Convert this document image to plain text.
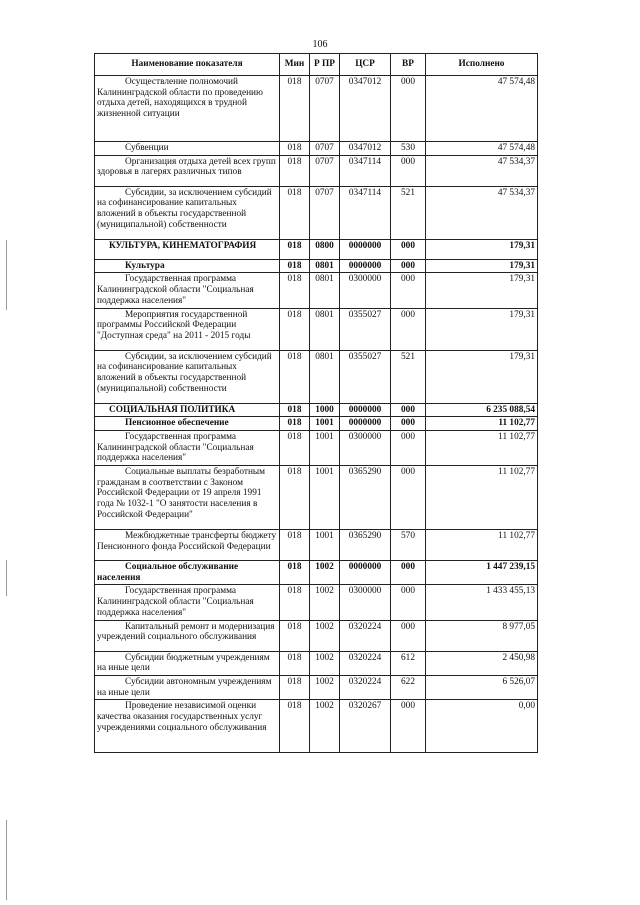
106
Наименование показателя	Мин	Р ПР	ЦСР	ВР	Исполнено
Осуществление полномочий Калининградской области по проведению отдыха детей, находящихся в трудной жизненной ситуации	018	0707	0347012	000	47 574,48
Субвенции	018	0707	0347012	530	47 574,48
Организация отдыха детей всех групп здоровья в лагерях различных типов	018	0707	0347114	000	47 534,37
Субсидии, за исключением субсидий на софинансирование капитальных вложений в объекты государственной (муниципальной) собственности	018	0707	0347114	521	47 534,37
КУЛЬТУРА, КИНЕМАТОГРАФИЯ	018	0800	0000000	000	179,31
Культура	018	0801	0000000	000	179,31
Государственная программа Калининградской области "Социальная поддержка населения"	018	0801	0300000	000	179,31
Мероприятия государственной программы Российской Федерации "Доступная среда" на 2011 - 2015 годы	018	0801	0355027	000	179,31
Субсидии, за исключением субсидий на софинансирование капитальных вложений в объекты государственной (муниципальной) собственности	018	0801	0355027	521	179,31
СОЦИАЛЬНАЯ ПОЛИТИКА	018	1000	0000000	000	6 235 088,54
Пенсионное обеспечение	018	1001	0000000	000	11 102,77
Государственная программа Калининградской области "Социальная поддержка населения"	018	1001	0300000	000	11 102,77
Социальные выплаты безработным гражданам в соответствии с Законом Российской Федерации от 19 апреля 1991 года № 1032-1 "О занятости населения в Российской Федерации"	018	1001	0365290	000	11 102,77
Межбюджетные трансферты бюджету Пенсионного фонда Российской Федерации	018	1001	0365290	570	11 102,77
Социальное обслуживание населения	018	1002	0000000	000	1 447 239,15
Государственная программа Калининградской области "Социальная поддержка населения"	018	1002	0300000	000	1 433 455,13
Капитальный ремонт и модернизация учреждений социального обслуживания	018	1002	0320224	000	8 977,05
Субсидии бюджетным учреждениям на иные цели	018	1002	0320224	612	2 450,98
Субсидии автономным учреждениям на иные цели	018	1002	0320224	622	6 526,07
Проведение независимой оценки качества оказания государственных услуг учреждениями социального обслуживания	018	1002	0320267	000	0,00
